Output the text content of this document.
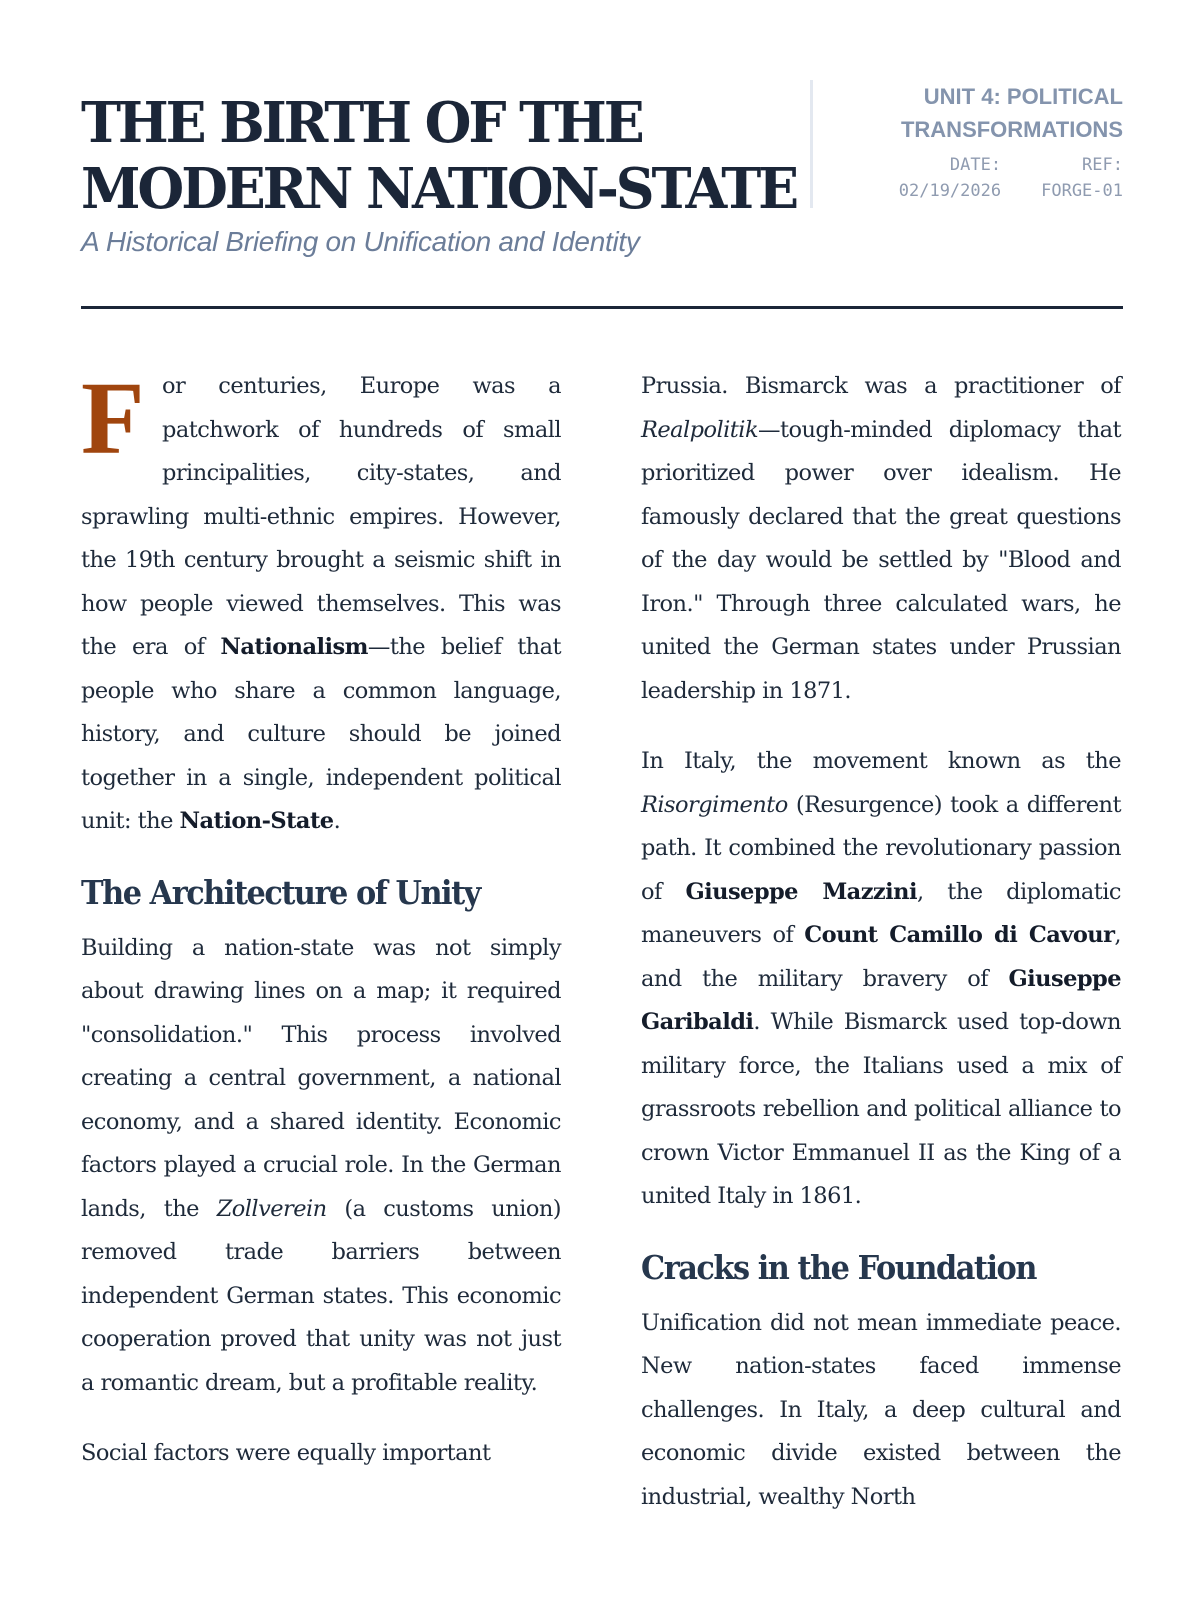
THE BIRTH OF THE
MODERN NATION-STATE

A Historical Briefing on Unification and Identity

UNIT 4: POLITICAL TRANSFORMATIONS
DATE:
02/19/2026
REF:
FORGE-01

For centuries, Europe was a patchwork of hundreds of small principalities, city-states, and sprawling multi-ethnic empires. However, the 19th century brought a seismic shift in how people viewed themselves. This was the era of Nationalism—the belief that people who share a common language, history, and culture should be joined together in a single, independent political unit: the Nation-State.

The Architecture of Unity

Building a nation-state was not simply about drawing lines on a map; it required "consolidation." This process involved creating a central government, a national economy, and a shared identity. Economic factors played a crucial role. In the German lands, the Zollverein (a customs union) removed trade barriers between independent German states. This economic cooperation proved that unity was not just a romantic dream, but a profitable reality.

Social factors were equally important

Prussia. Bismarck was a practitioner of Realpolitik—tough-minded diplomacy that prioritized power over idealism. He famously declared that the great questions of the day would be settled by "Blood and Iron." Through three calculated wars, he united the German states under Prussian leadership in 1871.

In Italy, the movement known as the Risorgimento (Resurgence) took a different path. It combined the revolutionary passion of Giuseppe Mazzini, the diplomatic maneuvers of Count Camillo di Cavour, and the military bravery of Giuseppe Garibaldi. While Bismarck used top-down military force, the Italians used a mix of grassroots rebellion and political alliance to crown Victor Emmanuel II as the King of a united Italy in 1861.

Cracks in the Foundation

Unification did not mean immediate peace. New nation-states faced immense challenges. In Italy, a deep cultural and economic divide existed between the industrial, wealthy North
